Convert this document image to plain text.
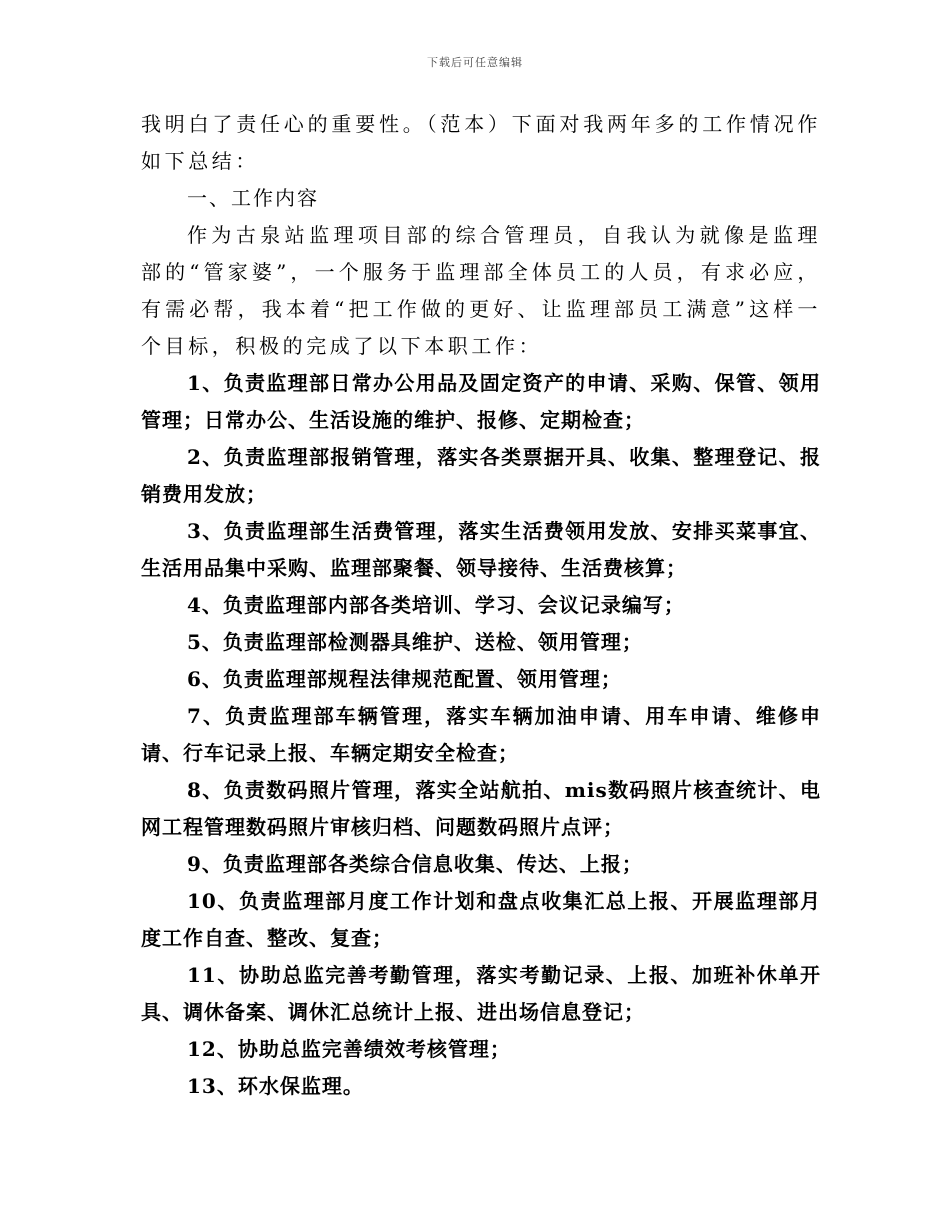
下载后可任意编辑

我明白了责任心的重要性。（范本）下面对我两年多的工作情况作如下总结：

一、工作内容

作为古泉站监理项目部的综合管理员，自我认为就像是监理部的“管家婆”，一个服务于监理部全体员工的人员，有求必应，有需必帮，我本着“把工作做的更好、让监理部员工满意”这样一个目标，积极的完成了以下本职工作：

1、负责监理部日常办公用品及固定资产的申请、采购、保管、领用管理；日常办公、生活设施的维护、报修、定期检查；

2、负责监理部报销管理，落实各类票据开具、收集、整理登记、报销费用发放；

3、负责监理部生活费管理，落实生活费领用发放、安排买菜事宜、生活用品集中采购、监理部聚餐、领导接待、生活费核算；

4、负责监理部内部各类培训、学习、会议记录编写；

5、负责监理部检测器具维护、送检、领用管理；

6、负责监理部规程法律规范配置、领用管理；

7、负责监理部车辆管理，落实车辆加油申请、用车申请、维修申请、行车记录上报、车辆定期安全检查；

8、负责数码照片管理，落实全站航拍、mis数码照片核查统计、电网工程管理数码照片审核归档、问题数码照片点评；

9、负责监理部各类综合信息收集、传达、上报；

10、负责监理部月度工作计划和盘点收集汇总上报、开展监理部月度工作自查、整改、复查；

11、协助总监完善考勤管理，落实考勤记录、上报、加班补休单开具、调休备案、调休汇总统计上报、进出场信息登记；

12、协助总监完善绩效考核管理；

13、环水保监理。
